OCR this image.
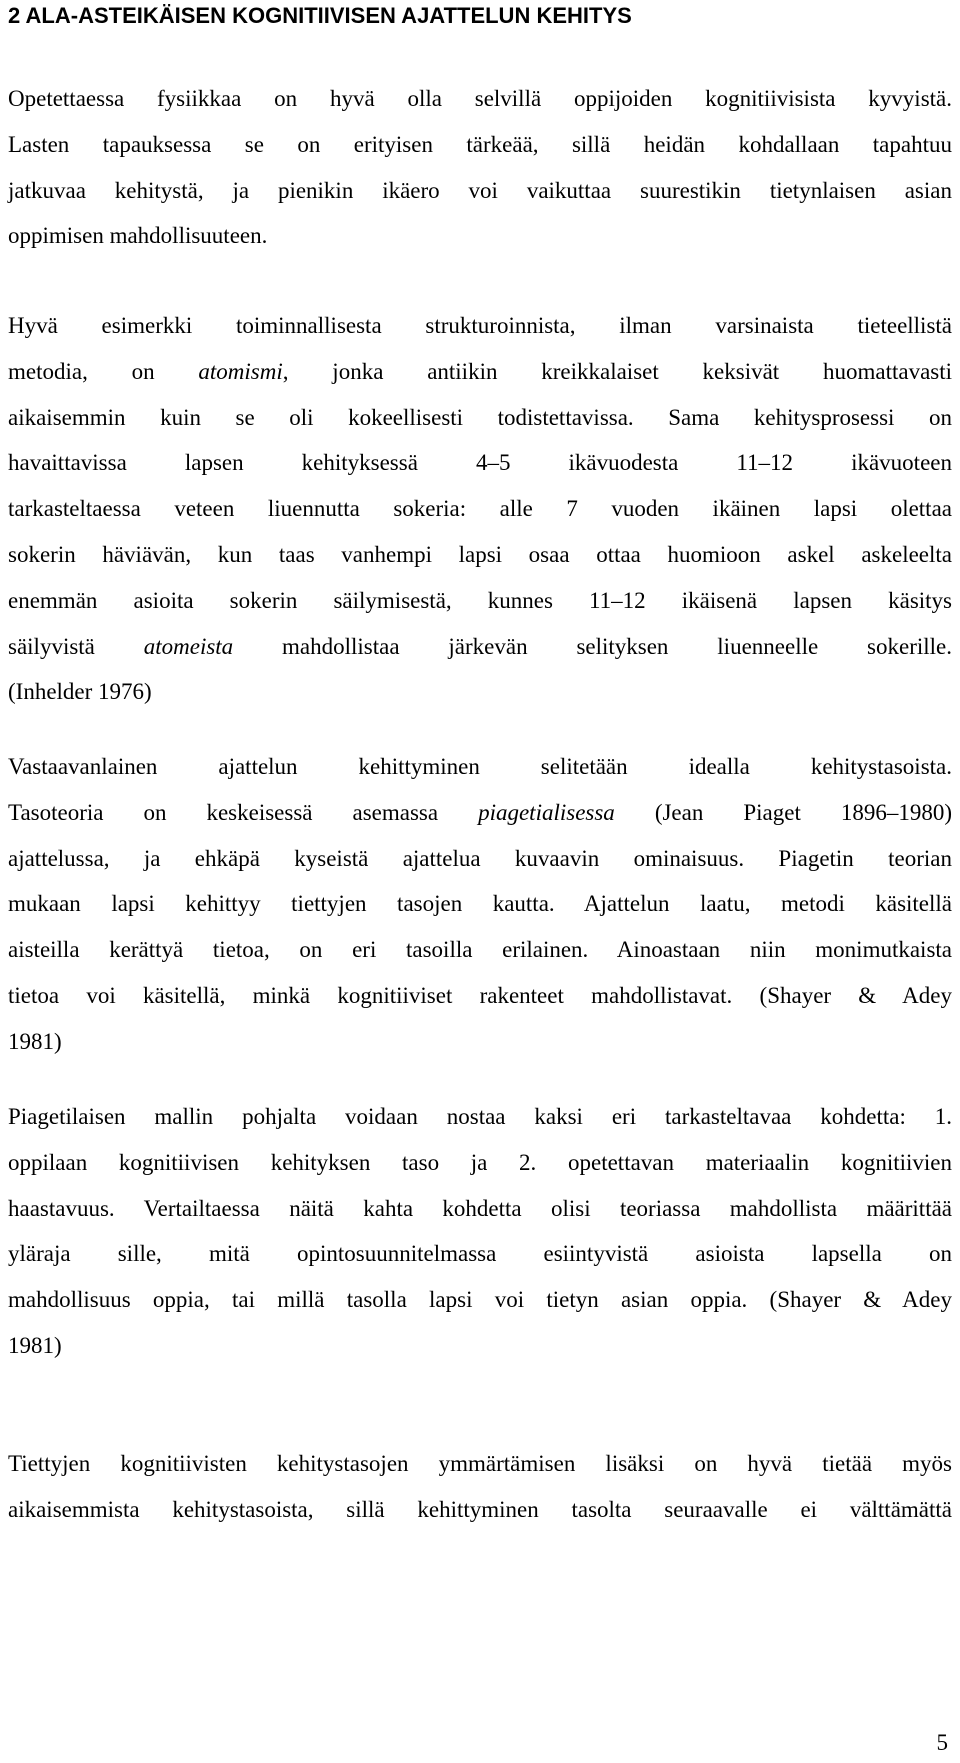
2 ALA-ASTEIKÄISEN KOGNITIIVISEN AJATTELUN KEHITYS
Opetettaessa fysiikkaa on hyvä olla selvillä oppijoiden kognitiivisista kyvyistä.
Lasten tapauksessa se on erityisen tärkeää, sillä heidän kohdallaan tapahtuu
jatkuvaa kehitystä, ja pienikin ikäero voi vaikuttaa suurestikin tietynlaisen asian
oppimisen mahdollisuuteen.
Hyvä esimerkki toiminnallisesta strukturoinnista, ilman varsinaista tieteellistä
metodia, on atomismi, jonka antiikin kreikkalaiset keksivät huomattavasti
aikaisemmin kuin se oli kokeellisesti todistettavissa. Sama kehitysprosessi on
havaittavissa lapsen kehityksessä 4–5 ikävuodesta 11–12 ikävuoteen
tarkasteltaessa veteen liuennutta sokeria: alle 7 vuoden ikäinen lapsi olettaa
sokerin häviävän, kun taas vanhempi lapsi osaa ottaa huomioon askel askeleelta
enemmän asioita sokerin säilymisestä, kunnes 11–12 ikäisenä lapsen käsitys
säilyvistä atomeista mahdollistaa järkevän selityksen liuenneelle sokerille.
(Inhelder 1976)
Vastaavanlainen ajattelun kehittyminen selitetään idealla kehitystasoista.
Tasoteoria on keskeisessä asemassa piagetialisessa (Jean Piaget 1896–1980)
ajattelussa, ja ehkäpä kyseistä ajattelua kuvaavin ominaisuus. Piagetin teorian
mukaan lapsi kehittyy tiettyjen tasojen kautta. Ajattelun laatu, metodi käsitellä
aisteilla kerättyä tietoa, on eri tasoilla erilainen. Ainoastaan niin monimutkaista
tietoa voi käsitellä, minkä kognitiiviset rakenteet mahdollistavat. (Shayer & Adey
1981)
Piagetilaisen mallin pohjalta voidaan nostaa kaksi eri tarkasteltavaa kohdetta: 1.
oppilaan kognitiivisen kehityksen taso ja 2. opetettavan materiaalin kognitiivien
haastavuus. Vertailtaessa näitä kahta kohdetta olisi teoriassa mahdollista määrittää
yläraja sille, mitä opintosuunnitelmassa esiintyvistä asioista lapsella on
mahdollisuus oppia, tai millä tasolla lapsi voi tietyn asian oppia. (Shayer & Adey
1981)
Tiettyjen kognitiivisten kehitystasojen ymmärtämisen lisäksi on hyvä tietää myös
aikaisemmista kehitystasoista, sillä kehittyminen tasolta seuraavalle ei välttämättä
5
